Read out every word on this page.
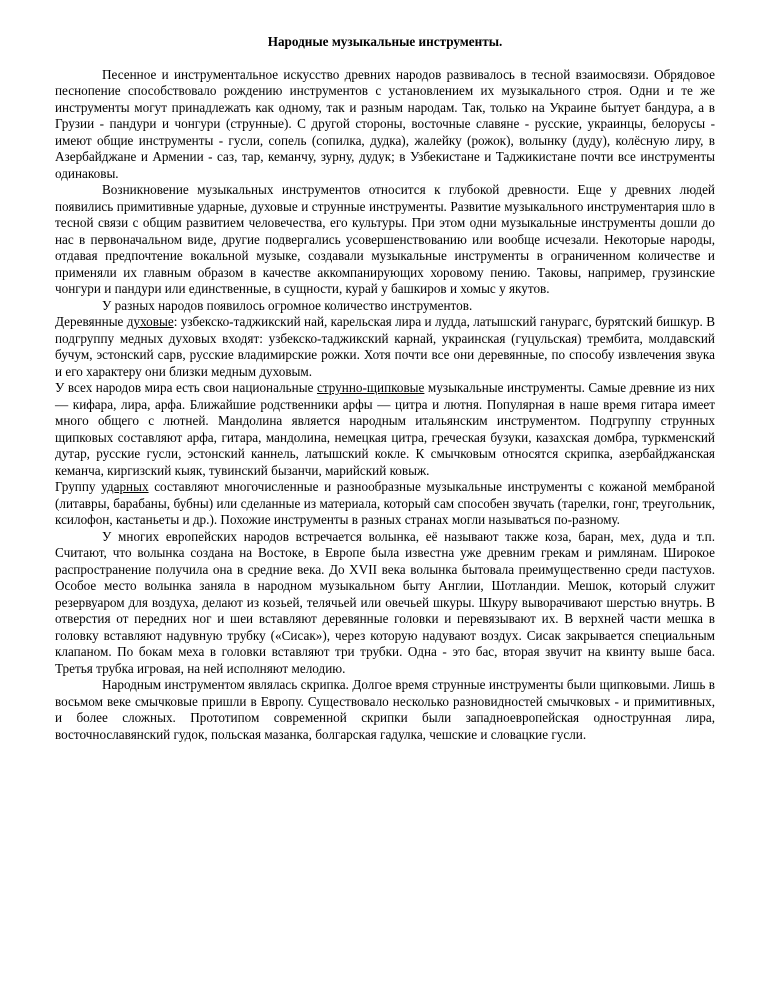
Народные музыкальные инструменты.

Песенное и инструментальное искусство древних народов развивалось в тесной взаимосвязи. Обрядовое песнопение способствовало рождению инструментов с установлением их музыкального строя. Одни и те же инструменты могут принадлежать как одному, так и разным народам. Так, только на Украине бытует бандура, а в Грузии - пандури и чонгури (струнные). С другой стороны, восточные славяне - русские, украинцы, белорусы - имеют общие инструменты - гусли, сопель (сопилка, дудка), жалейку (рожок), волынку (дуду), колёсную лиру, в Азербайджане и Армении - саз, тар, кеманчу, зурну, дудук; в Узбекистане и Таджикистане почти все инструменты одинаковы.

Возникновение музыкальных инструментов относится к глубокой древности. Еще у древних людей появились примитивные ударные, духовые и струнные инструменты. Развитие музыкального инструментария шло в тесной связи с общим развитием человечества, его культуры. При этом одни музыкальные инструменты дошли до нас в первоначальном виде, другие подвергались усовершенствованию или вообще исчезали. Некоторые народы, отдавая предпочтение вокальной музыке, создавали музыкальные инструменты в ограниченном количестве и применяли их главным образом в качестве аккомпанирующих хоровому пению. Таковы, например, грузинские чонгури и пандури или единственные, в сущности, курай у башкиров и хомыс у якутов.

У разных народов появилось огромное количество инструментов.

Деревянные духовые: узбекско-таджикский най, карельская лира и лудда, латышский ганурагс, бурятский бишкур. В подгруппу медных духовых входят: узбекско-таджикский карнай, украинская (гуцульская) трембита, молдавский бучум, эстонский сарв, русские владимирские рожки. Хотя почти все они деревянные, по способу извлечения звука и его характеру они близки медным духовым.

У всех народов мира есть свои национальные струнно-щипковые музыкальные инструменты. Самые древние из них — кифара, лира, арфа. Ближайшие родственники арфы — цитра и лютня. Популярная в наше время гитара имеет много общего с лютней. Мандолина является народным итальянским инструментом. Подгруппу струнных щипковых составляют арфа, гитара, мандолина, немецкая цитра, греческая бузуки, казахская домбра, туркменский дутар, русские гусли, эстонский каннель, латышский кокле. К смычковым относятся скрипка, азербайджанская кеманча, киргизский кыяк, тувинский бызанчи, марийский ковыж.

Группу ударных составляют многочисленные и разнообразные музыкальные инструменты с кожаной мембраной (литавры, барабаны, бубны) или сделанные из материала, который сам способен звучать (тарелки, гонг, треугольник, ксилофон, кастаньеты и др.). Похожие инструменты в разных странах могли называться по-разному.

У многих европейских народов встречается волынка, её называют также коза, баран, мех, дуда и т.п. Считают, что волынка создана на Востоке, в Европе была известна уже древним грекам и римлянам. Широкое распространение получила она в средние века. До XVII века волынка бытовала преимущественно среди пастухов. Особое место волынка заняла в народном музыкальном быту Англии, Шотландии. Мешок, который служит резервуаром для воздуха, делают из козьей, телячьей или овечьей шкуры. Шкуру выворачивают шерстью внутрь. В отверстия от передних ног и шеи вставляют деревянные головки и перевязывают их. В верхней части мешка в головку вставляют надувную трубку («Сисак»), через которую надувают воздух. Сисак закрывается специальным клапаном. По бокам меха в головки вставляют три трубки. Одна - это бас, вторая звучит на квинту выше баса. Третья трубка игровая, на ней исполняют мелодию.

Народным инструментом являлась скрипка. Долгое время струнные инструменты были щипковыми. Лишь в восьмом веке смычковые пришли в Европу. Существовало несколько разновидностей смычковых - и примитивных, и более сложных. Прототипом современной скрипки были западноевропейская однострунная лира, восточнославянский гудок, польская мазанка, болгарская гадулка, чешские и словацкие гусли.
